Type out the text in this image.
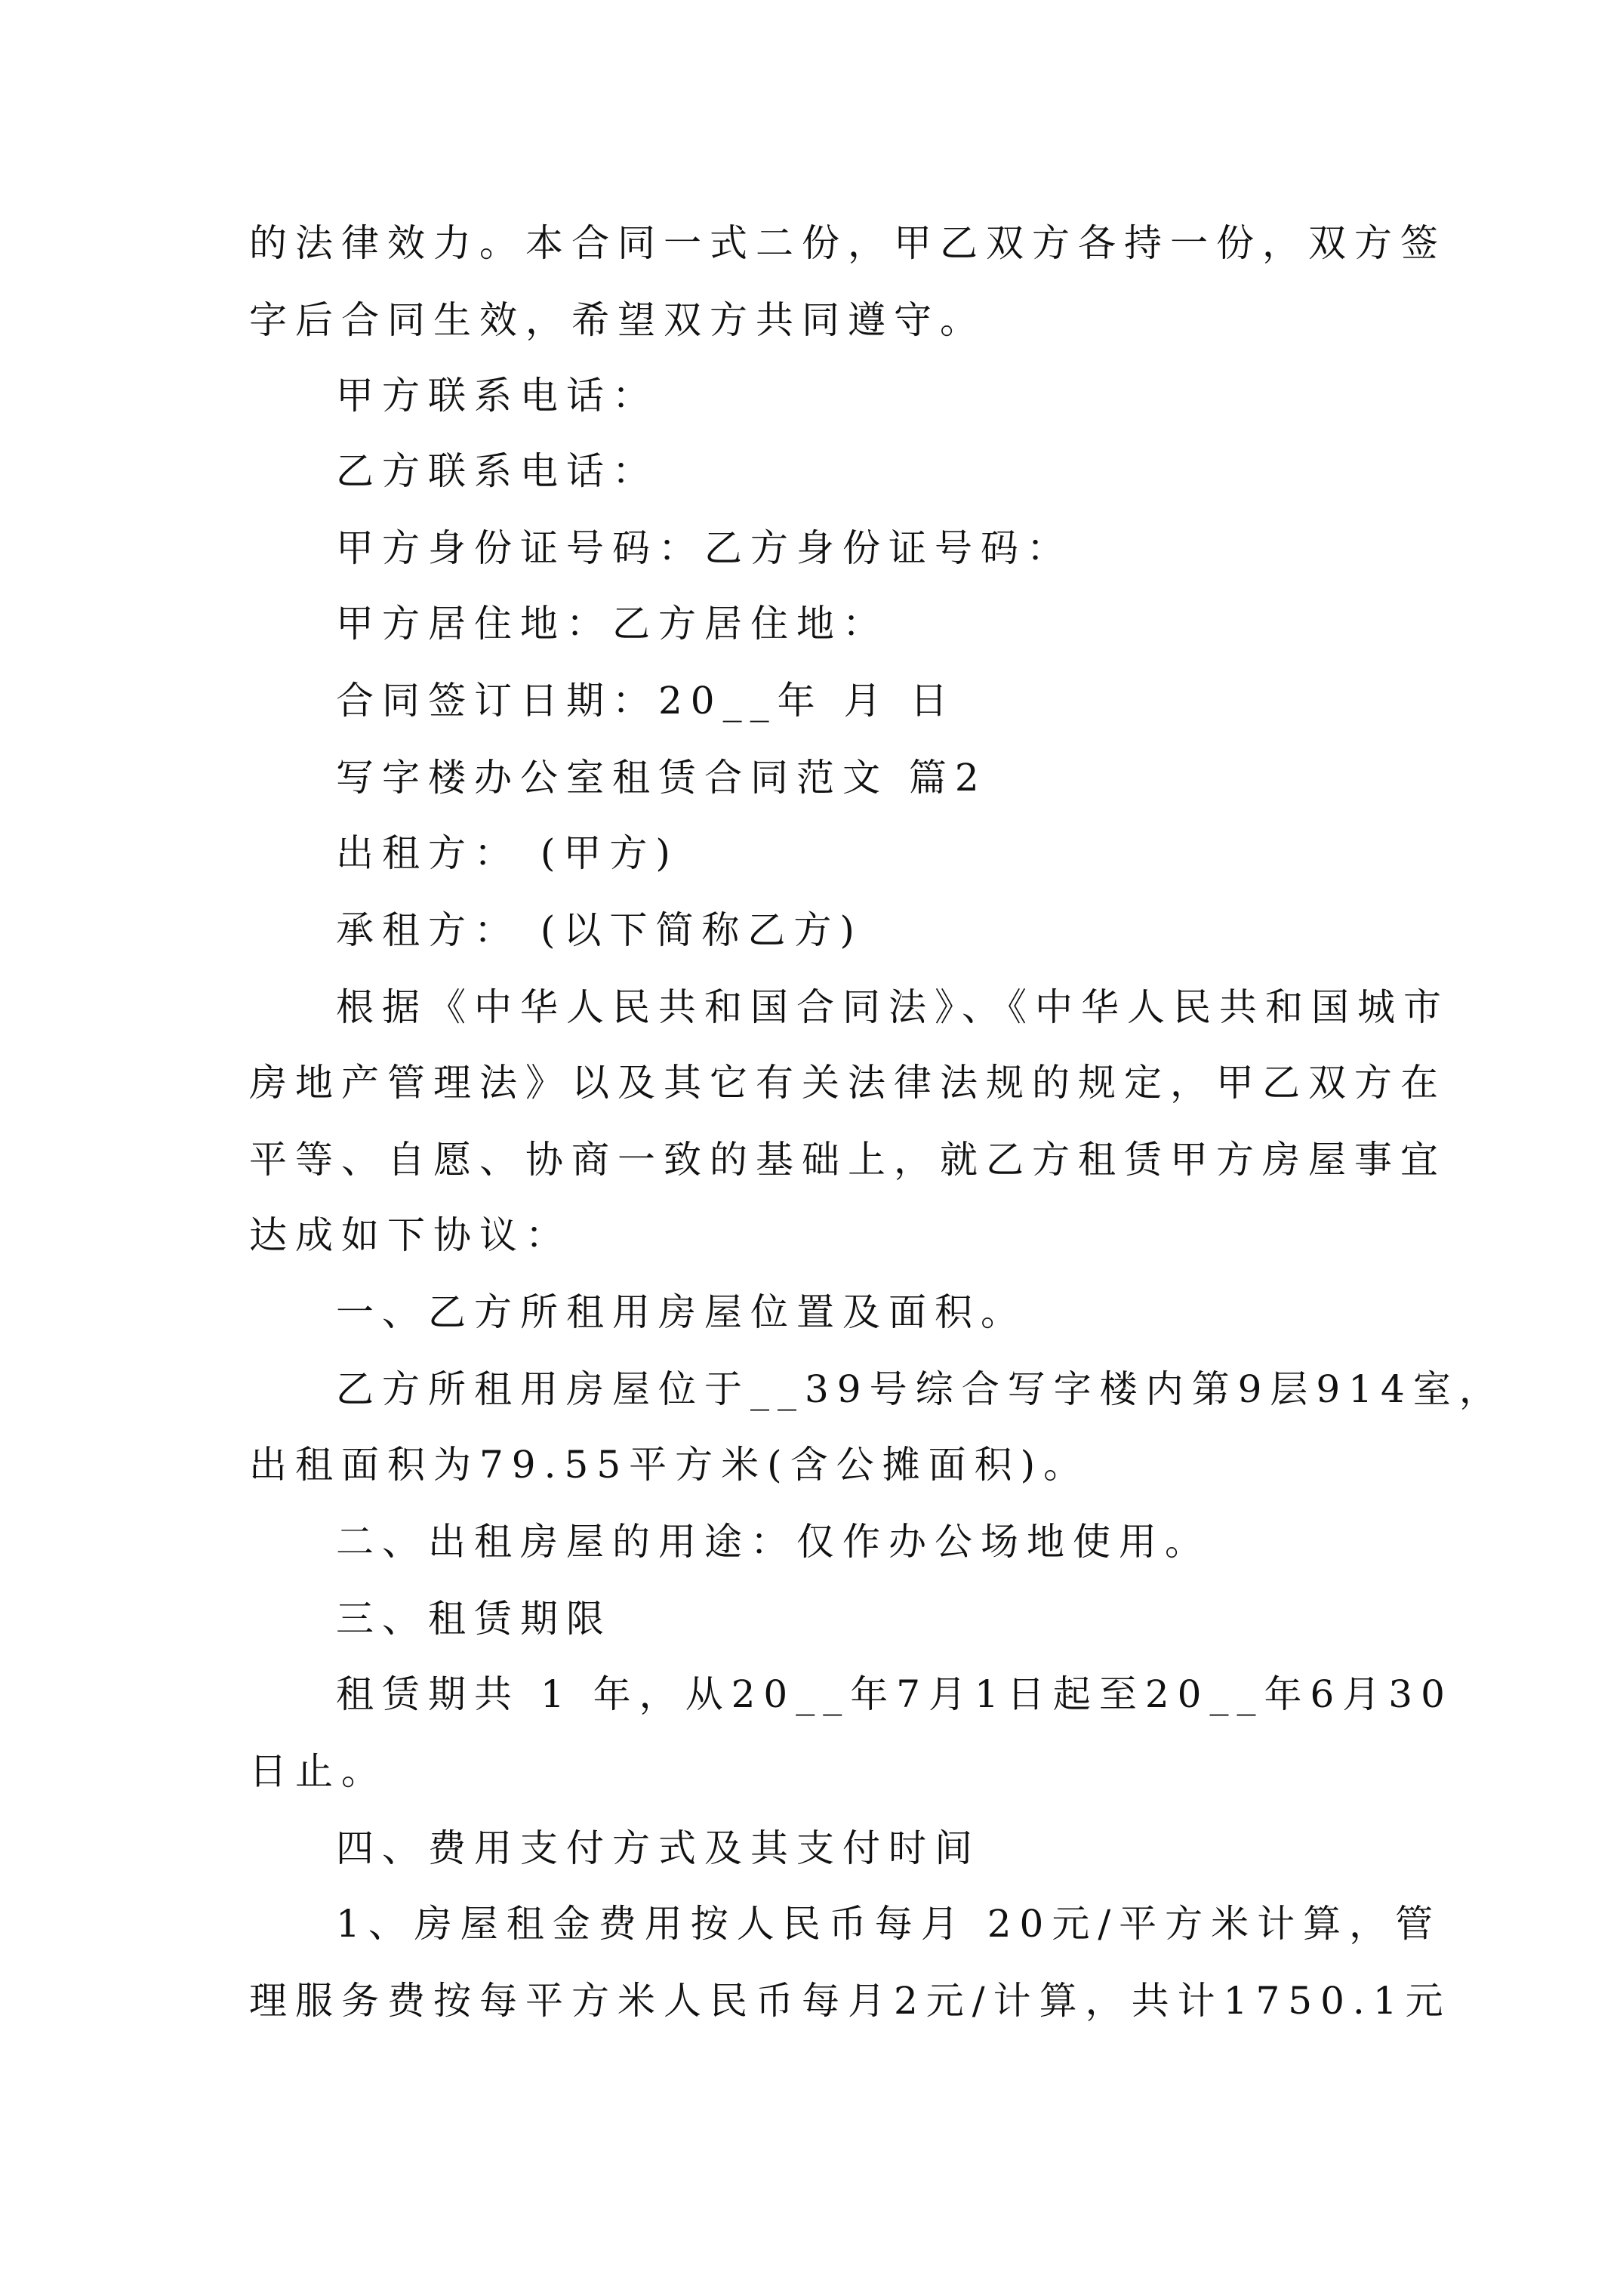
的法律效力。本合同一式二份，甲乙双方各持一份，双方签
字后合同生效，希望双方共同遵守。
甲方联系电话：
乙方联系电话：
甲方身份证号码：乙方身份证号码：
甲方居住地：乙方居住地：
合同签订日期：20__年 月 日
写字楼办公室租赁合同范文 篇2
出租方： (甲方)
承租方： (以下简称乙方)
根据《中华人民共和国合同法》、《中华人民共和国城市
房地产管理法》以及其它有关法律法规的规定，甲乙双方在
平等、自愿、协商一致的基础上，就乙方租赁甲方房屋事宜
达成如下协议：
一、乙方所租用房屋位置及面积。
乙方所租用房屋位于__39号综合写字楼内第9层914室，
出租面积为79.55平方米(含公摊面积)。
二、出租房屋的用途：仅作办公场地使用。
三、租赁期限
租赁期共 1 年，从20__年7月1日起至20__年6月30
日止。
四、费用支付方式及其支付时间
1、房屋租金费用按人民币每月 20元/平方米计算，管
理服务费按每平方米人民币每月2元/计算，共计1750.1元
